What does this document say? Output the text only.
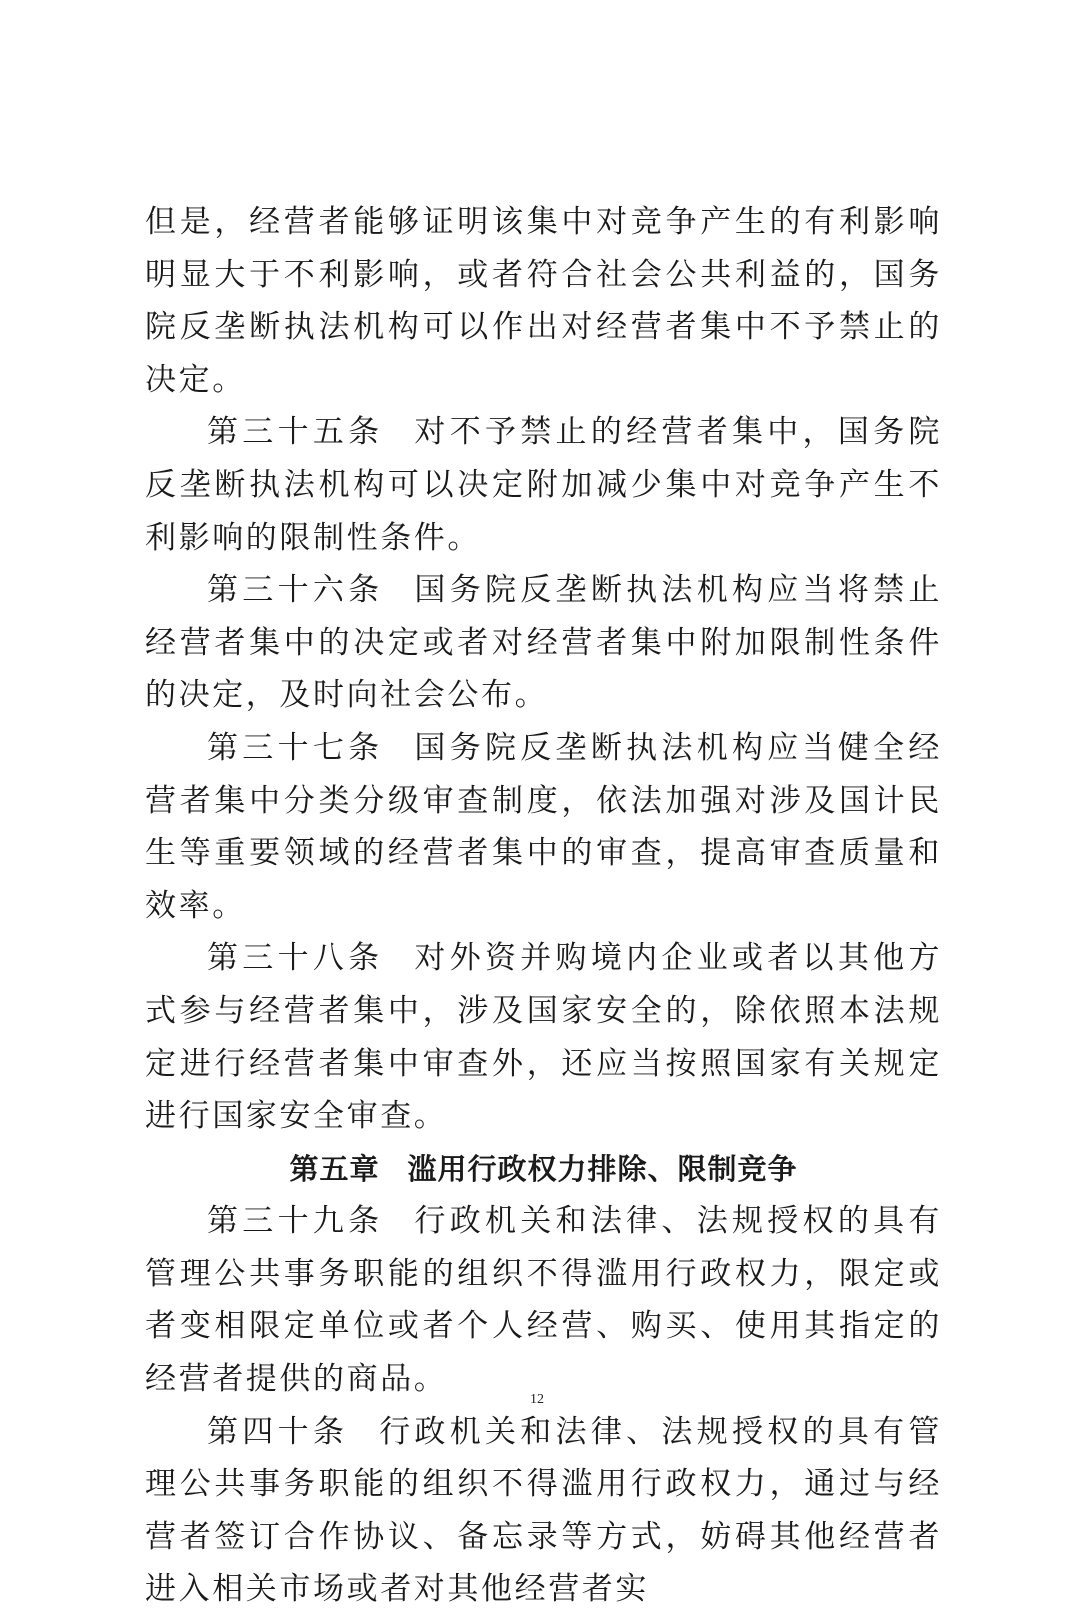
但是，经营者能够证明该集中对竞争产生的有利影响明显大于不利影响，或者符合社会公共利益的，国务院反垄断执法机构可以作出对经营者集中不予禁止的决定。

第三十五条 对不予禁止的经营者集中，国务院反垄断执法机构可以决定附加减少集中对竞争产生不利影响的限制性条件。

第三十六条 国务院反垄断执法机构应当将禁止经营者集中的决定或者对经营者集中附加限制性条件的决定，及时向社会公布。

第三十七条 国务院反垄断执法机构应当健全经营者集中分类分级审查制度，依法加强对涉及国计民生等重要领域的经营者集中的审查，提高审查质量和效率。

第三十八条 对外资并购境内企业或者以其他方式参与经营者集中，涉及国家安全的，除依照本法规定进行经营者集中审查外，还应当按照国家有关规定进行国家安全审查。

第五章 滥用行政权力排除、限制竞争

第三十九条 行政机关和法律、法规授权的具有管理公共事务职能的组织不得滥用行政权力，限定或者变相限定单位或者个人经营、购买、使用其指定的经营者提供的商品。

第四十条 行政机关和法律、法规授权的具有管理公共事务职能的组织不得滥用行政权力，通过与经营者签订合作协议、备忘录等方式，妨碍其他经营者进入相关市场或者对其他经营者实

12
